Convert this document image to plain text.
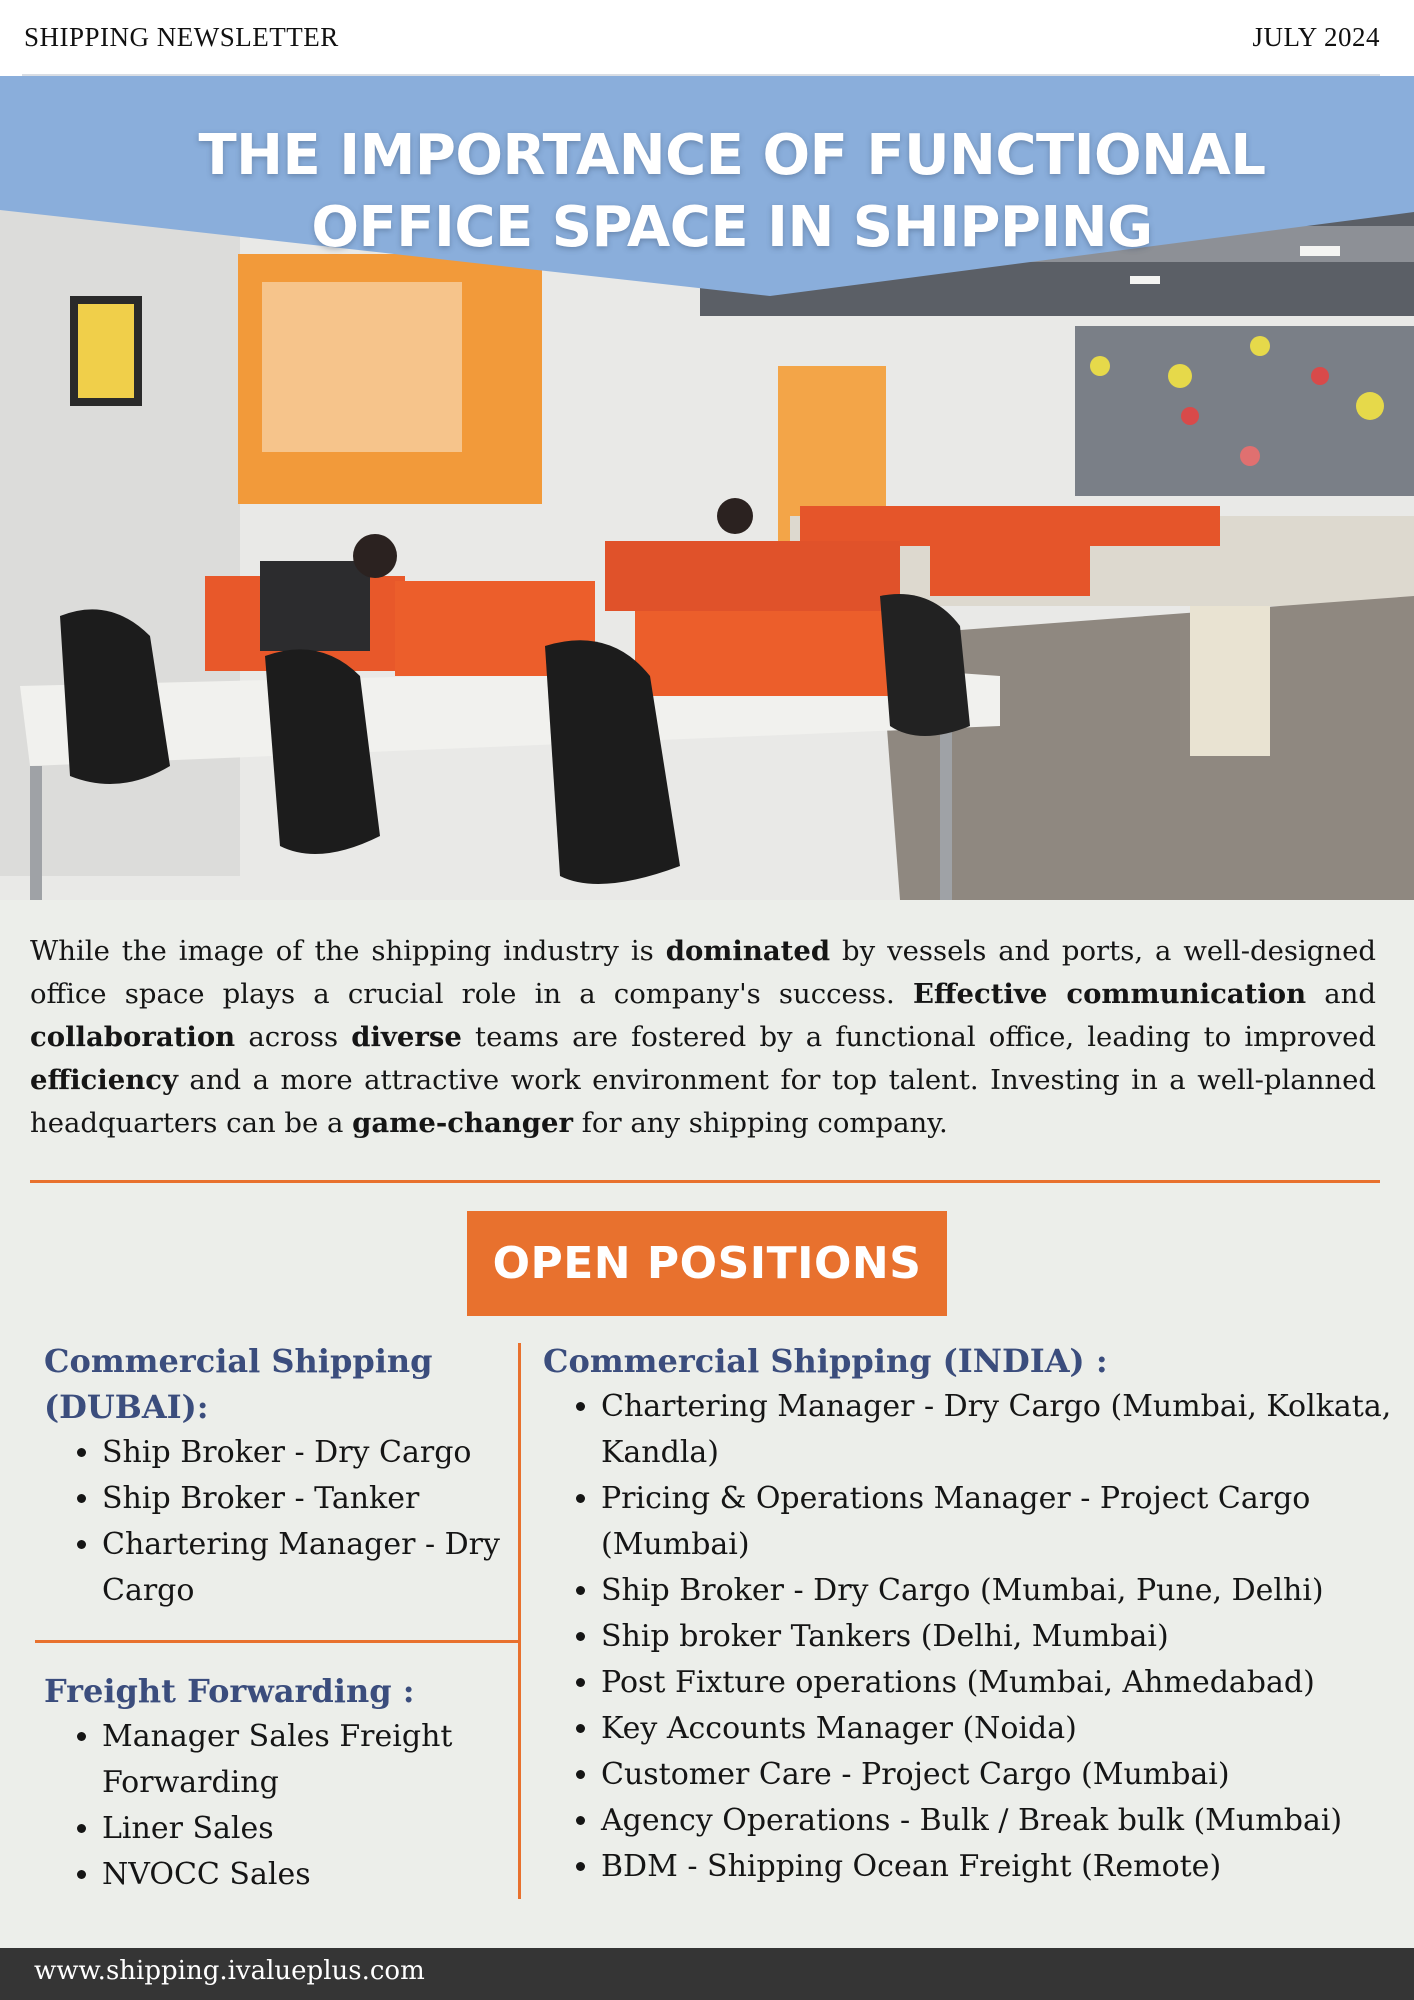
SHIPPING NEWSLETTER	JULY 2024
THE IMPORTANCE OF FUNCTIONAL OFFICE SPACE IN SHIPPING
While the image of the shipping industry is dominated by vessels and ports, a well-designed office space plays a crucial role in a company's success. Effective communication and collaboration across diverse teams are fostered by a functional office, leading to improved efficiency and a more attractive work environment for top talent. Investing in a well-planned headquarters can be a game-changer for any shipping company.
OPEN POSITIONS
Commercial Shipping (DUBAI):
• Ship Broker - Dry Cargo
• Ship Broker - Tanker
• Chartering Manager - Dry Cargo
Freight Forwarding :
• Manager Sales Freight Forwarding
• Liner Sales
• NVOCC Sales
Commercial Shipping (INDIA) :
• Chartering Manager - Dry Cargo (Mumbai, Kolkata, Kandla)
• Pricing & Operations Manager - Project Cargo (Mumbai)
• Ship Broker - Dry Cargo (Mumbai, Pune, Delhi)
• Ship broker Tankers (Delhi, Mumbai)
• Post Fixture operations (Mumbai, Ahmedabad)
• Key Accounts Manager (Noida)
• Customer Care - Project Cargo (Mumbai)
• Agency Operations - Bulk / Break bulk (Mumbai)
• BDM - Shipping Ocean Freight (Remote)
www.shipping.ivalueplus.com
